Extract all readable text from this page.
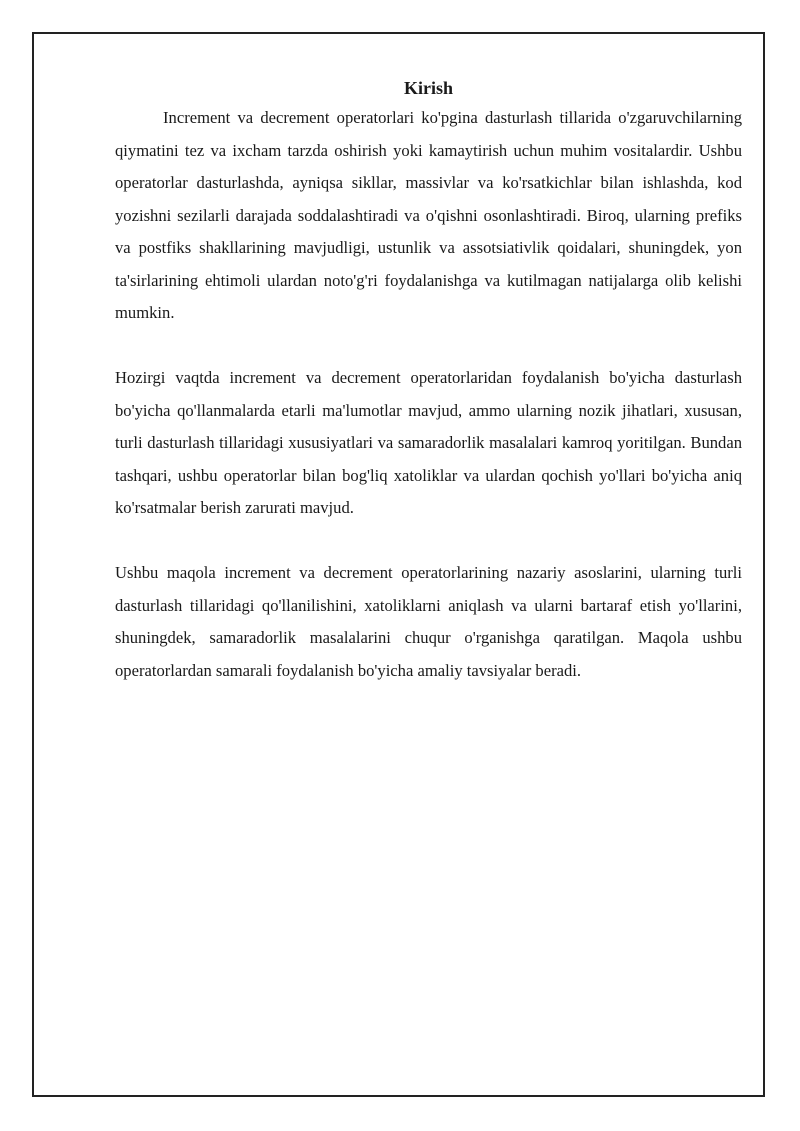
Kirish

Increment va decrement operatorlari ko'pgina dasturlash tillarida o'zgaruvchilarning qiymatini tez va ixcham tarzda oshirish yoki kamaytirish uchun muhim vositalardir. Ushbu operatorlar dasturlashda, ayniqsa sikllar, massivlar va ko'rsatkichlar bilan ishlashda, kod yozishni sezilarli darajada soddalashtiradi va o'qishni osonlashtiradi. Biroq, ularning prefiks va postfiks shakllarining mavjudligi, ustunlik va assotsiativlik qoidalari, shuningdek, yon ta'sirlarining ehtimoli ulardan noto'g'ri foydalanishga va kutilmagan natijalarga olib kelishi mumkin.

Hozirgi vaqtda increment va decrement operatorlaridan foydalanish bo'yicha dasturlash bo'yicha qo'llanmalarda etarli ma'lumotlar mavjud, ammo ularning nozik jihatlari, xususan, turli dasturlash tillaridagi xususiyatlari va samaradorlik masalalari kamroq yoritilgan. Bundan tashqari, ushbu operatorlar bilan bog'liq xatoliklar va ulardan qochish yo'llari bo'yicha aniq ko'rsatmalar berish zarurati mavjud.

Ushbu maqola increment va decrement operatorlarining nazariy asoslarini, ularning turli dasturlash tillaridagi qo'llanilishini, xatoliklarni aniqlash va ularni bartaraf etish yo'llarini, shuningdek, samaradorlik masalalarini chuqur o'rganishga qaratilgan. Maqola ushbu operatorlardan samarali foydalanish bo'yicha amaliy tavsiyalar beradi.
